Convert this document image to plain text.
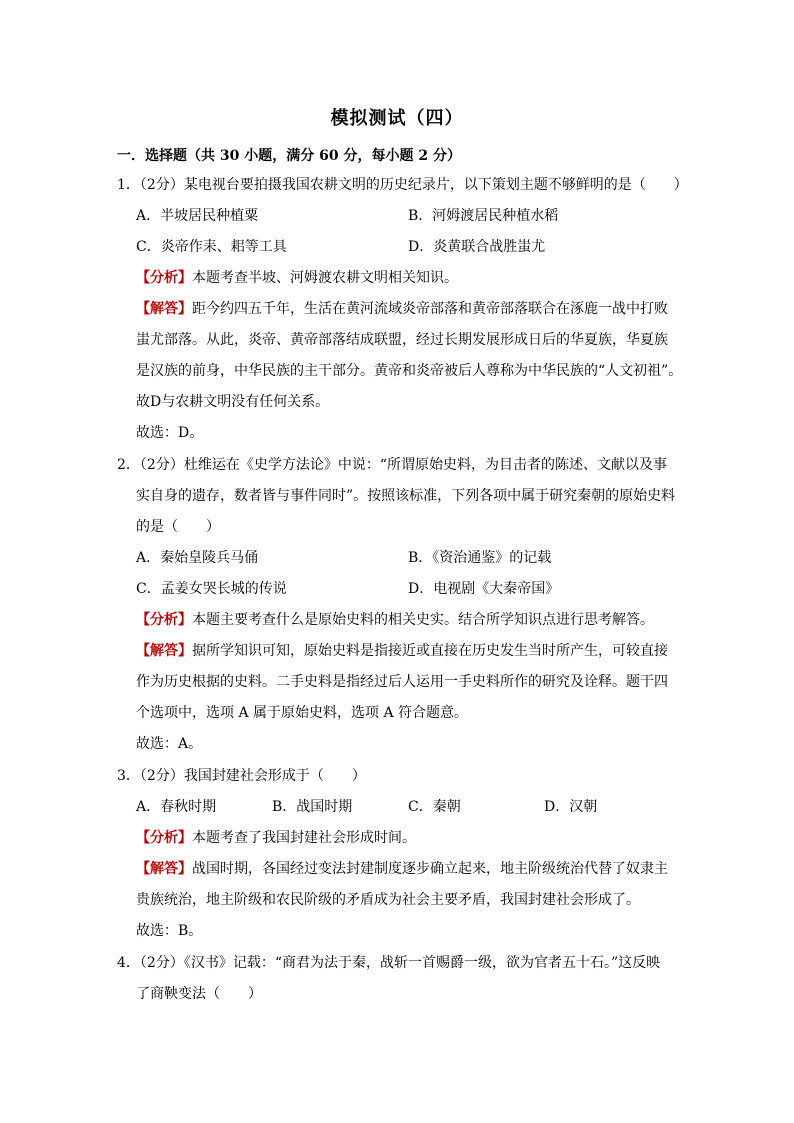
模拟测试（四）
一．选择题（共 30 小题，满分 60 分，每小题 2 分）
1．（2分）某电视台要拍摄我国农耕文明的历史纪录片，以下策划主题不够鲜明的是（　　）
A．半坡居民种植粟	B．河姆渡居民种植水稻
C．炎帝作耒、耜等工具	D．炎黄联合战胜蚩尤
【分析】本题考查半坡、河姆渡农耕文明相关知识。
【解答】距今约四五千年，生活在黄河流域炎帝部落和黄帝部落联合在涿鹿一战中打败
蚩尤部落。从此，炎帝、黄帝部落结成联盟，经过长期发展形成日后的华夏族，华夏族
是汉族的前身，中华民族的主干部分。黄帝和炎帝被后人尊称为中华民族的“人文初祖”。
故D与农耕文明没有任何关系。
故选：D。
2．（2分）杜维运在《史学方法论》中说：“所谓原始史料，为目击者的陈述、文献以及事
实自身的遗存，数者皆与事件同时”。按照该标准，下列各项中属于研究秦朝的原始史料
的是（　　）
A．秦始皇陵兵马俑	B．《资治通鉴》的记载
C．孟姜女哭长城的传说	D．电视剧《大秦帝国》
【分析】本题主要考查什么是原始史料的相关史实。结合所学知识点进行思考解答。
【解答】据所学知识可知，原始史料是指接近或直接在历史发生当时所产生，可较直接
作为历史根据的史料。二手史料是指经过后人运用一手史料所作的研究及诠释。题干四
个选项中，选项 A 属于原始史料，选项 A 符合题意。
故选：A。
3．（2分）我国封建社会形成于（　　）
A．春秋时期	B．战国时期	C．秦朝	D．汉朝
【分析】本题考查了我国封建社会形成时间。
【解答】战国时期，各国经过变法封建制度逐步确立起来，地主阶级统治代替了奴隶主
贵族统治，地主阶级和农民阶级的矛盾成为社会主要矛盾，我国封建社会形成了。
故选：B。
4．（2分）《汉书》记载：“商君为法于秦，战斩一首赐爵一级，欲为官者五十石。”这反映
了商鞅变法（　　）
